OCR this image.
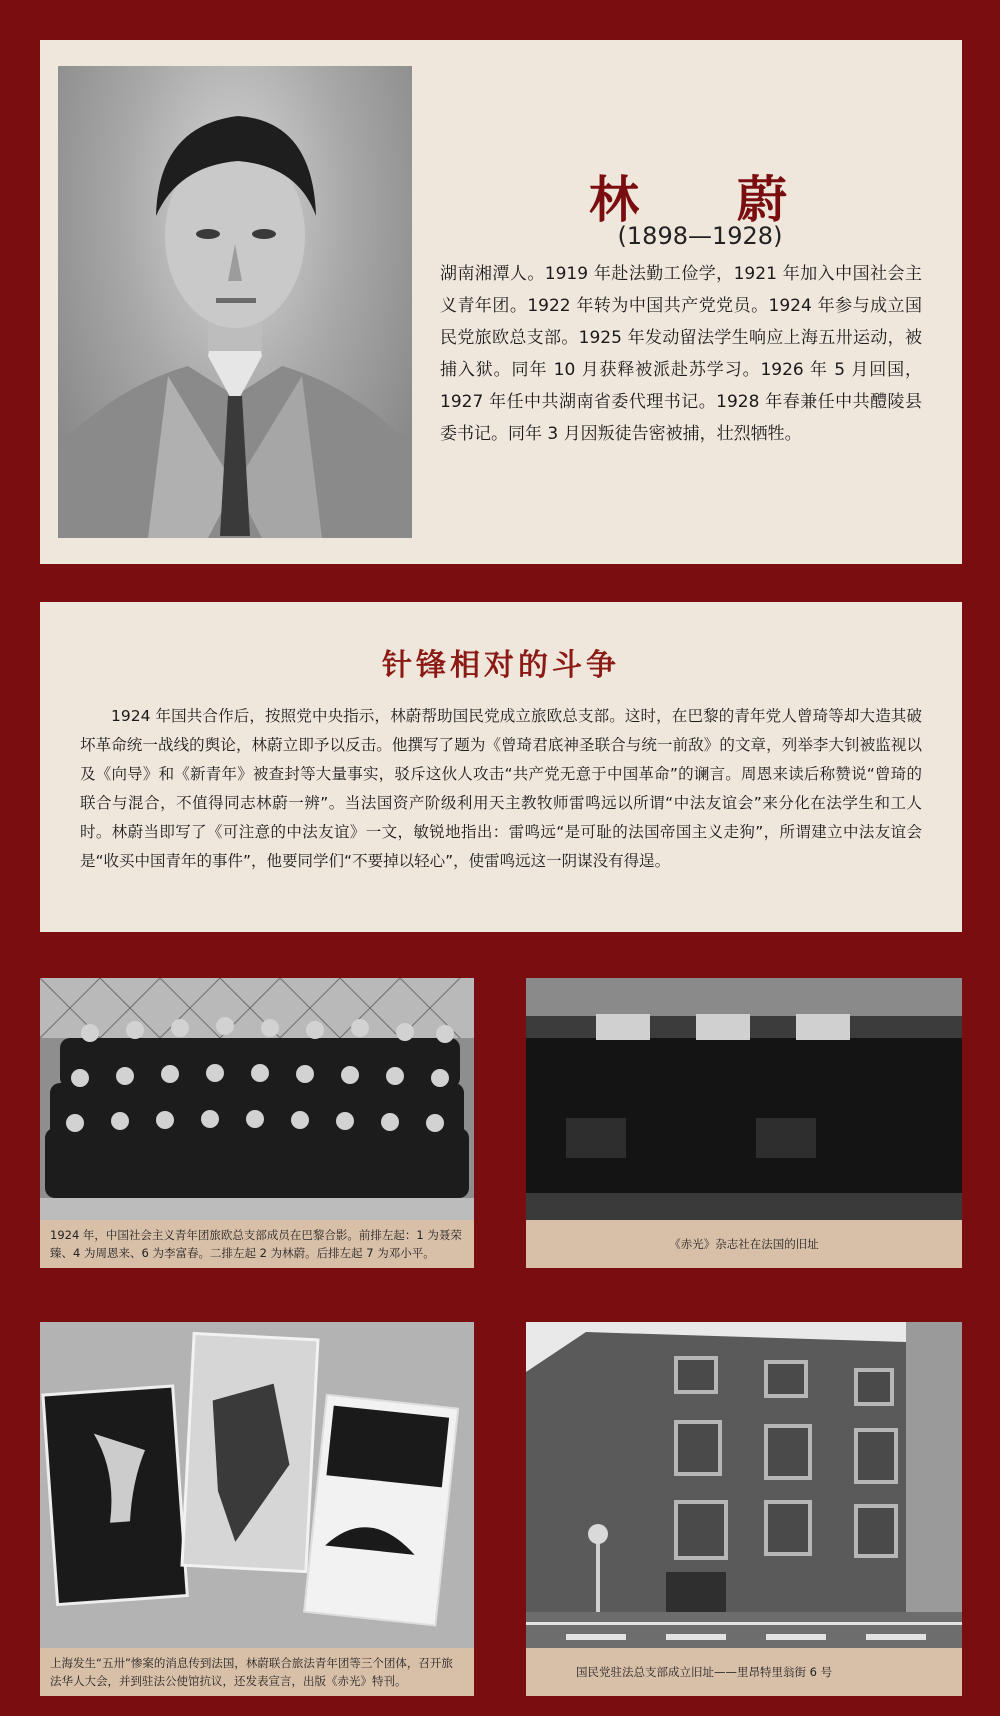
林　蔚
(1898—1928)
湖南湘潭人。1919 年赴法勤工俭学，1921 年加入中国社会主义青年团。1922 年转为中国共产党党员。1924 年参与成立国民党旅欧总支部。1925 年发动留法学生响应上海五卅运动，被捕入狱。同年 10 月获释被派赴苏学习。1926 年 5 月回国，1927 年任中共湖南省委代理书记。1928 年春兼任中共醴陵县委书记。同年 3 月因叛徒告密被捕，壮烈牺牲。
针锋相对的斗争
1924 年国共合作后，按照党中央指示，林蔚帮助国民党成立旅欧总支部。这时，在巴黎的青年党人曾琦等却大造其破坏革命统一战线的舆论，林蔚立即予以反击。他撰写了题为《曾琦君底神圣联合与统一前敌》的文章，列举李大钊被监视以及《向导》和《新青年》被查封等大量事实，驳斥这伙人攻击“共产党无意于中国革命”的谰言。周恩来读后称赞说“曾琦的联合与混合，不值得同志林蔚一辨”。当法国资产阶级利用天主教牧师雷鸣远以所谓“中法友谊会”来分化在法学生和工人时。林蔚当即写了《可注意的中法友谊》一文，敏锐地指出：雷鸣远“是可耻的法国帝国主义走狗”，所谓建立中法友谊会是“收买中国青年的事件”，他要同学们“不要掉以轻心”，使雷鸣远这一阴谋没有得逞。
1924 年，中国社会主义青年团旅欧总支部成员在巴黎合影。前排左起：1 为聂荣臻、4 为周恩来、6 为李富春。二排左起 2 为林蔚。后排左起 7 为邓小平。
《赤光》杂志社在法国的旧址
上海发生“五卅”惨案的消息传到法国，林蔚联合旅法青年团等三个团体，召开旅法华人大会，并到驻法公使馆抗议，还发表宣言，出版《赤光》特刊。
国民党驻法总支部成立旧址——里昂特里翁街 6 号
